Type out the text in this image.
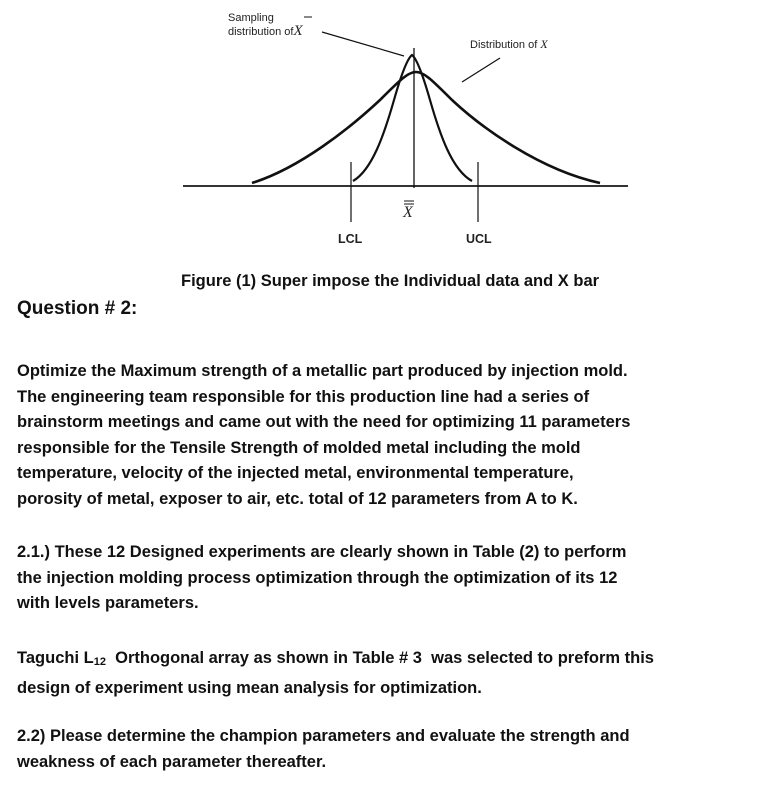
Sampling
distribution ofX
Distribution of X
X
LCL	UCL
Figure (1) Super impose the Individual data and X bar
Question # 2:
Optimize the Maximum strength of a metallic part produced by injection mold.
The engineering team responsible for this production line had a series of
brainstorm meetings and came out with the need for optimizing 11 parameters
responsible for the Tensile Strength of molded metal including the mold
temperature, velocity of the injected metal, environmental temperature,
porosity of metal, exposer to air, etc. total of 12 parameters from A to K.
2.1.) These 12 Designed experiments are clearly shown in Table (2) to perform
the injection molding process optimization through the optimization of its 12
with levels parameters.
Taguchi $L_{12}$  Orthogonal array as shown in Table # 3  was selected to preform this
design of experiment using mean analysis for optimization.
2.2) Please determine the champion parameters and evaluate the strength and
weakness of each parameter thereafter.
